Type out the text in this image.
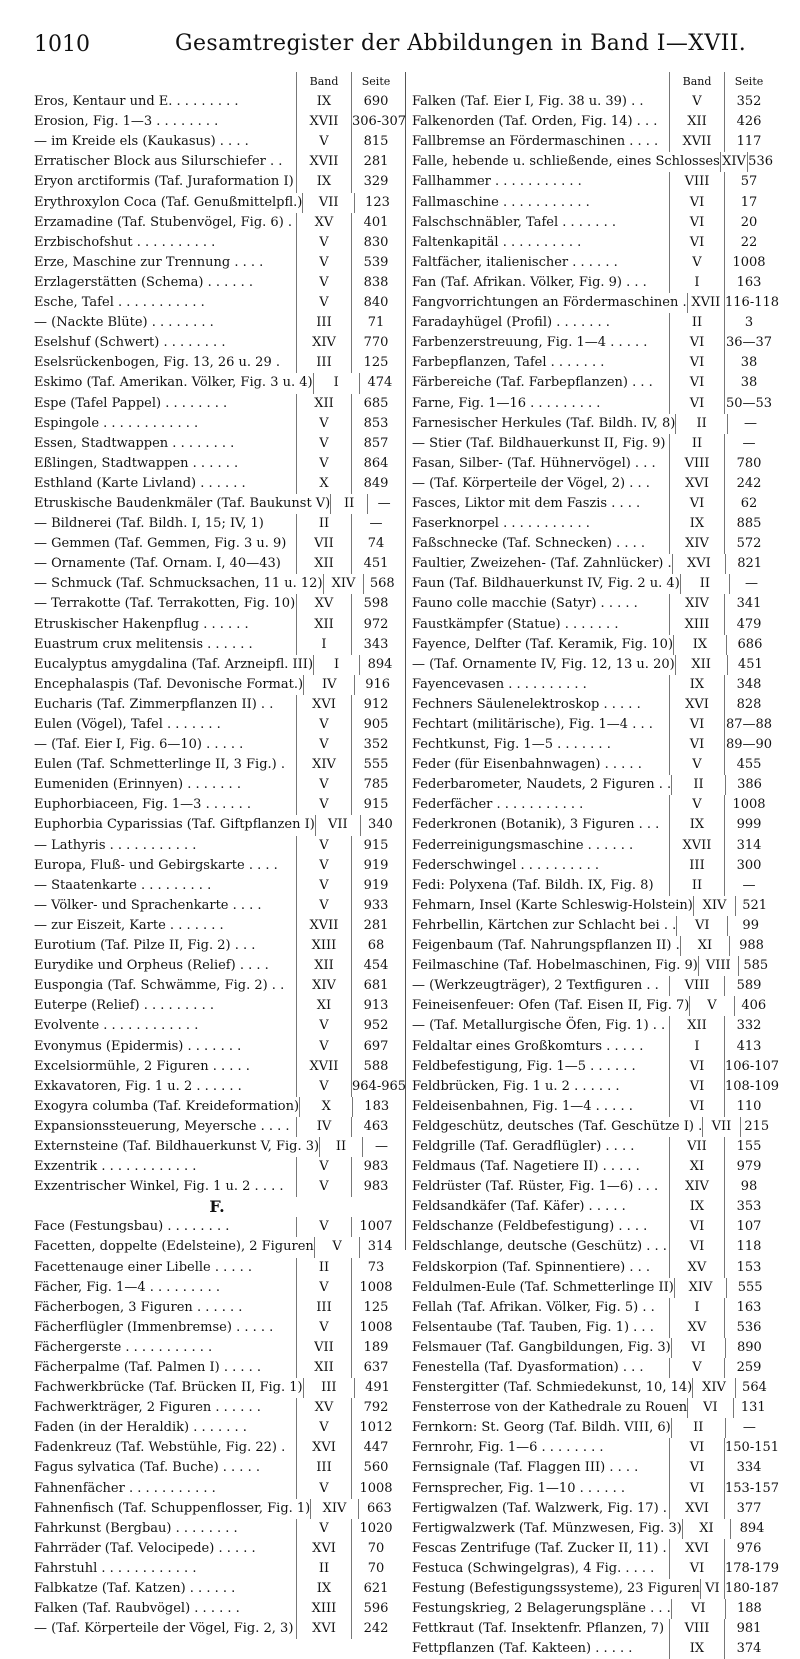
1010	Gesamtregister der Abbildungen in Band I—XVII.
Band	Seite
Eros, Kentaur und E. . . . . . . . .	IX	690
Erosion, Fig. 1—3 . . . . . . . .	XVII	306-307
— im Kreide els (Kaukasus) . . . .	V	815
Erratischer Block aus Silurschiefer . .	XVII	281
Eryon arctiformis (Taf. Juraformation I)	IX	329
Erythroxylon Coca (Taf. Genußmittelpfl.)	VII	123
Erzamadine (Taf. Stubenvögel, Fig. 6) .	XV	401
Erzbischofshut . . . . . . . . . .	V	830
Erze, Maschine zur Trennung . . . .	V	539
Erzlagerstätten (Schema) . . . . . .	V	838
Esche, Tafel . . . . . . . . . . .	V	840
— (Nackte Blüte) . . . . . . . .	III	71
Eselshuf (Schwert) . . . . . . . .	XIV	770
Eselsrückenbogen, Fig. 13, 26 u. 29 .	III	125
Eskimo (Taf. Amerikan. Völker, Fig. 3 u. 4)	I	474
Espe (Tafel Pappel) . . . . . . . .	XII	685
Espingole . . . . . . . . . . . .	V	853
Essen, Stadtwappen . . . . . . . .	V	857
Eßlingen, Stadtwappen . . . . . .	V	864
Esthland (Karte Livland) . . . . . .	X	849
Etruskische Baudenkmäler (Taf. Baukunst V)	II	—
— Bildnerei (Taf. Bildh. I, 15; IV, 1)	II	—
— Gemmen (Taf. Gemmen, Fig. 3 u. 9)	VII	74
— Ornamente (Taf. Ornam. I, 40—43)	XII	451
— Schmuck (Taf. Schmucksachen, 11 u. 12) XIV	568
— Terrakotte (Taf. Terrakotten, Fig. 10)	XV	598
Etruskischer Hakenpflug . . . . . .	XII	972
Euastrum crux melitensis . . . . . .	I	343
Eucalyptus amygdalina (Taf. Arzneipfl. III)	I	894
Encephalaspis (Taf. Devonische Format.)	IV	916
Eucharis (Taf. Zimmerpflanzen II) . .	XVI	912
Eulen (Vögel), Tafel . . . . . . .	V	905
— (Taf. Eier I, Fig. 6—10) . . . . .	V	352
Eulen (Taf. Schmetterlinge II, 3 Fig.) .	XIV	555
Eumeniden (Erinnyen) . . . . . . .	V	785
Euphorbiaceen, Fig. 1—3 . . . . . .	V	915
Euphorbia Cyparissias (Taf. Giftpflanzen I)	VII	340
— Lathyris . . . . . . . . . . .	V	915
Europa, Fluß- und Gebirgskarte . . . .	V	919
— Staatenkarte . . . . . . . . .	V	919
— Völker- und Sprachenkarte . . . .	V	933
— zur Eiszeit, Karte . . . . . . .	XVII	281
Eurotium (Taf. Pilze II, Fig. 2) . . .	XIII	68
Eurydike und Orpheus (Relief) . . . .	XII	454
Euspongia (Taf. Schwämme, Fig. 2) . .	XIV	681
Euterpe (Relief) . . . . . . . . .	XI	913
Evolvente . . . . . . . . . . . .	V	952
Evonymus (Epidermis) . . . . . . .	V	697
Excelsiormühle, 2 Figuren . . . . .	XVII	588
Exkavatoren, Fig. 1 u. 2 . . . . . .	V	964-965
Exogyra columba (Taf. Kreideformation)	X	183
Expansionssteuerung, Meyersche . . . .	IV	463
Externsteine (Taf. Bildhauerkunst V, Fig. 3)	II	—
Exzentrik . . . . . . . . . . . .	V	983
Exzentrischer Winkel, Fig. 1 u. 2 . . . .	V	983
F.
Face (Festungsbau) . . . . . . . .	V	1007
Facetten, doppelte (Edelsteine), 2 Figuren	V	314
Facettenauge einer Libelle . . . . .	II	73
Fächer, Fig. 1—4 . . . . . . . . .	V	1008
Fächerbogen, 3 Figuren . . . . . .	III	125
Fächerflügler (Immenbremse) . . . . .	V	1008
Fächergerste . . . . . . . . . . .	VII	189
Fächerpalme (Taf. Palmen I) . . . . .	XII	637
Fachwerkbrücke (Taf. Brücken II, Fig. 1)	III	491
Fachwerkträger, 2 Figuren . . . . . .	XV	792
Faden (in der Heraldik) . . . . . . .	V	1012
Fadenkreuz (Taf. Webstühle, Fig. 22) .	XVI	447
Fagus sylvatica (Taf. Buche) . . . . .	III	560
Fahnenfächer . . . . . . . . . . .	V	1008
Fahnenfisch (Taf. Schuppenflosser, Fig. 1) XIV	663
Fahrkunst (Bergbau) . . . . . . . .	V	1020
Fahrräder (Taf. Velocipede) . . . . .	XVI	70
Fahrstuhl . . . . . . . . . . . .	II	70
Falbkatze (Taf. Katzen) . . . . . .	IX	621
Falken (Taf. Raubvögel) . . . . . .	XIII	596
— (Taf. Körperteile der Vögel, Fig. 2, 3)	XVI	242
Band	Seite
Falken (Taf. Eier I, Fig. 38 u. 39) . .	V	352
Falkenorden (Taf. Orden, Fig. 14) . . .	XII	426
Fallbremse an Fördermaschinen . . . .	XVII	117
Falle, hebende u. schließende, eines Schlosses XIV 536
Fallhammer . . . . . . . . . . .	VIII	57
Fallmaschine . . . . . . . . . . .	VI	17
Falschschnäbler, Tafel . . . . . . .	VI	20
Faltenkapitäl . . . . . . . . . .	VI	22
Faltfächer, italienischer . . . . . .	V	1008
Fan (Taf. Afrikan. Völker, Fig. 9) . . .	I	163
Fangvorrichtungen an Fördermaschinen . XVII 116-118
Faradayhügel (Profil) . . . . . . .	II	3
Farbenzerstreuung, Fig. 1—4 . . . . .	VI	36—37
Farbepflanzen, Tafel . . . . . . .	VI	38
Färbereiche (Taf. Farbepflanzen) . . .	VI	38
Farne, Fig. 1—16 . . . . . . . . .	VI	50—53
Farnesischer Herkules (Taf. Bildh. IV, 8)	II	—
— Stier (Taf. Bildhauerkunst II, Fig. 9)	II	—
Fasan, Silber- (Taf. Hühnervögel) . . .	VIII	780
— (Taf. Körperteile der Vögel, 2) . . .	XVI	242
Fasces, Liktor mit dem Faszis . . . .	VI	62
Faserknorpel . . . . . . . . . . .	IX	885
Faßschnecke (Taf. Schnecken) . . . .	XIV	572
Faultier, Zweizehen- (Taf. Zahnlücker) .	XVI	821
Faun (Taf. Bildhauerkunst IV, Fig. 2 u. 4)	II	—
Fauno colle macchie (Satyr) . . . . .	XIV	341
Faustkämpfer (Statue) . . . . . . .	XIII	479
Fayence, Delfter (Taf. Keramik, Fig. 10)	IX	686
— (Taf. Ornamente IV, Fig. 12, 13 u. 20)	XII	451
Fayencevasen . . . . . . . . . .	IX	348
Fechners Säulenelektroskop . . . . .	XVI	828
Fechtart (militärische), Fig. 1—4 . . .	VI	87—88
Fechtkunst, Fig. 1—5 . . . . . . .	VI	89—90
Feder (für Eisenbahnwagen) . . . . .	V	455
Federbarometer, Naudets, 2 Figuren . .	II	386
Federfächer . . . . . . . . . . .	V	1008
Federkronen (Botanik), 3 Figuren . . .	IX	999
Federreinigungsmaschine . . . . . .	XVII	314
Federschwingel . . . . . . . . . .	III	300
Fedi: Polyxena (Taf. Bildh. IX, Fig. 8)	II	—
Fehmarn, Insel (Karte Schleswig-Holstein) XIV	521
Fehrbellin, Kärtchen zur Schlacht bei . .	VI	99
Feigenbaum (Taf. Nahrungspflanzen II) .	XI	988
Feilmaschine (Taf. Hobelmaschinen, Fig. 9) VIII 585
— (Werkzeugträger), 2 Textfiguren . .	VIII	589
Feineisenfeuer: Ofen (Taf. Eisen II, Fig. 7)	V	406
— (Taf. Metallurgische Öfen, Fig. 1) . .	XII	332
Feldaltar eines Großkomturs . . . . .	I	413
Feldbefestigung, Fig. 1—5 . . . . . .	VI	106-107
Feldbrücken, Fig. 1 u. 2 . . . . . .	VI	108-109
Feldeisenbahnen, Fig. 1—4 . . . . .	VI	110
Feldgeschütz, deutsches (Taf. Geschütze I) . VII	215
Feldgrille (Taf. Geradflügler) . . . .	VII	155
Feldmaus (Taf. Nagetiere II) . . . . .	XI	979
Feldrüster (Taf. Rüster, Fig. 1—6) . . .	XIV	98
Feldsandkäfer (Taf. Käfer) . . . . .	IX	353
Feldschanze (Feldbefestigung) . . . .	VI	107
Feldschlange, deutsche (Geschütz) . . .	VI	118
Feldskorpion (Taf. Spinnentiere) . . .	XV	153
Feldulmen-Eule (Taf. Schmetterlinge II)	XIV	555
Fellah (Taf. Afrikan. Völker, Fig. 5) . .	I	163
Felsentaube (Taf. Tauben, Fig. 1) . . .	XV	536
Felsmauer (Taf. Gangbildungen, Fig. 3)	VI	890
Fenestella (Taf. Dyasformation) . . .	V	259
Fenstergitter (Taf. Schmiedekunst, 10, 14) XIV	564
Fensterrose von der Kathedrale zu Rouen	VI	131
Fernkorn: St. Georg (Taf. Bildh. VIII, 6)	II	—
Fernrohr, Fig. 1—6 . . . . . . . .	VI	150-151
Fernsignale (Taf. Flaggen III) . . . .	VI	334
Fernsprecher, Fig. 1—10 . . . . . .	VI	153-157
Fertigwalzen (Taf. Walzwerk, Fig. 17) .	XVI	377
Fertigwalzwerk (Taf. Münzwesen, Fig. 3)	XI	894
Fescas Zentrifuge (Taf. Zucker II, 11) .	XVI	976
Festuca (Schwingelgras), 4 Fig. . . . .	VI	178-179
Festung (Befestigungssysteme), 23 Figuren VI 180-187
Festungskrieg, 2 Belagerungspläne . . .	VI	188
Fettkraut (Taf. Insektenfr. Pflanzen, 7)	VIII	981
Fettpflanzen (Taf. Kakteen) . . . . .	IX	374
